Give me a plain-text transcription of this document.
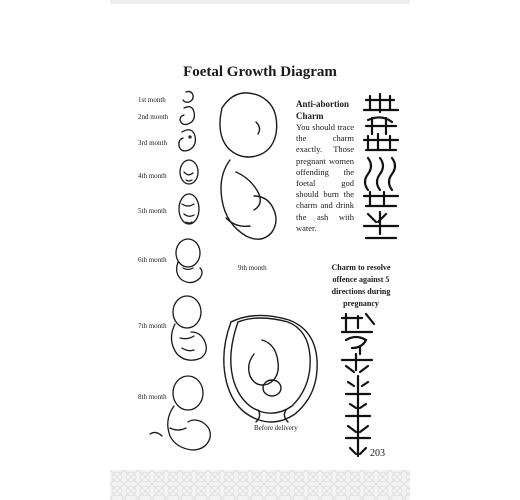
Foetal Growth Diagram
1st month
2nd month
3rd month
4th month
5th month
6th month
7th month
8th month
9th month
Before delivery
Anti-abortion Charm
You should trace the charm exactly. Those pregnant women offending the foetal god should burn the charm and drink the ash with water.
Charm to resolve offence against 5 directions during pregnancy
203
